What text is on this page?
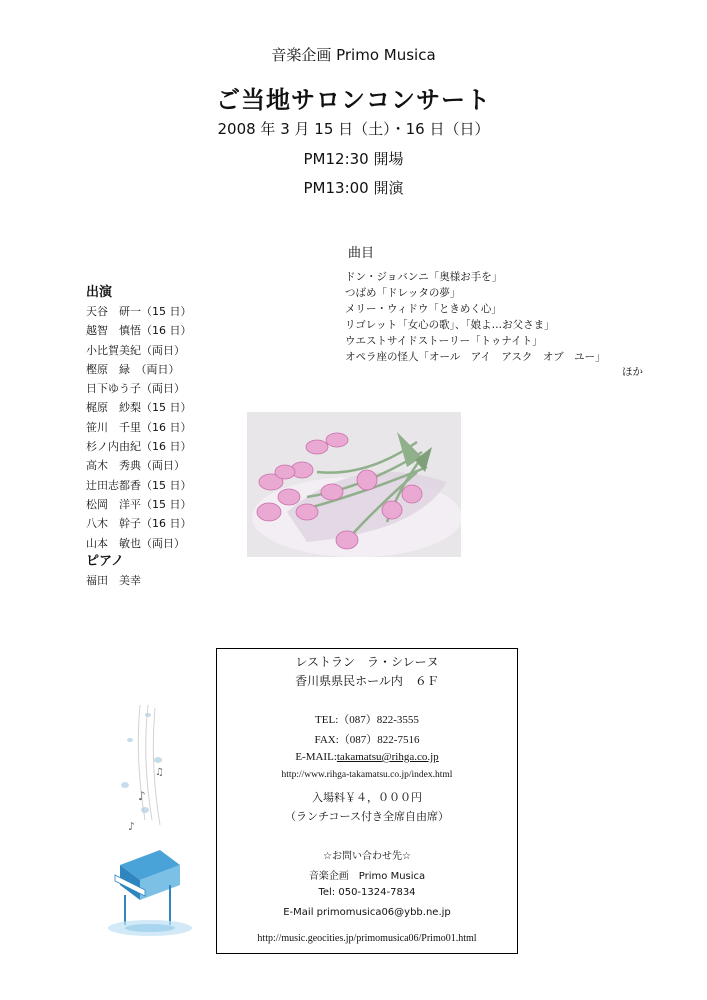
音楽企画 Primo Musica
ご当地サロンコンサート
2008 年 3 月 15 日（土）・16 日（日）
PM12:30 開場
PM13:00 開演
曲目
ドン・ジョバンニ「奥様お手を」
つばめ「ドレッタの夢」
メリー・ウィドウ「ときめく心」
リゴレット「女心の歌」、「娘よ…お父さま」
ウエストサイドストーリー「トゥナイト」
オペラ座の怪人「オール　アイ　アスク　オブ　ユー」
ほか
出演
天谷　研一（15 日）
越智　慎悟（16 日）
小比賀美紀（両日）
樫原　緑　（両日）
日下ゆう子（両日）
梶原　紗梨（15 日）
笹川　千里（16 日）
杉ノ内由紀（16 日）
高木　秀典（両日）
辻田志都香（15 日）
松岡　洋平（15 日）
八木　幹子（16 日）
山本　敏也（両日）
ピアノ
福田　美幸
レストラン　ラ・シレーヌ
香川県県民ホール内　６Ｆ
TEL:（087）822-3555
FAX:（087）822-7516
E-MAIL:takamatsu@rihga.co.jp
http://www.rihga-takamatsu.co.jp/index.html
入場料￥４，０００円
（ランチコース付き全席自由席）
☆お問い合わせ先☆
音楽企画　Primo Musica
Tel: 050-1324-7834
E-Mail primomusica06@ybb.ne.jp
http://music.geocities.jp/primomusica06/Primo01.html
♪
♫
♪
